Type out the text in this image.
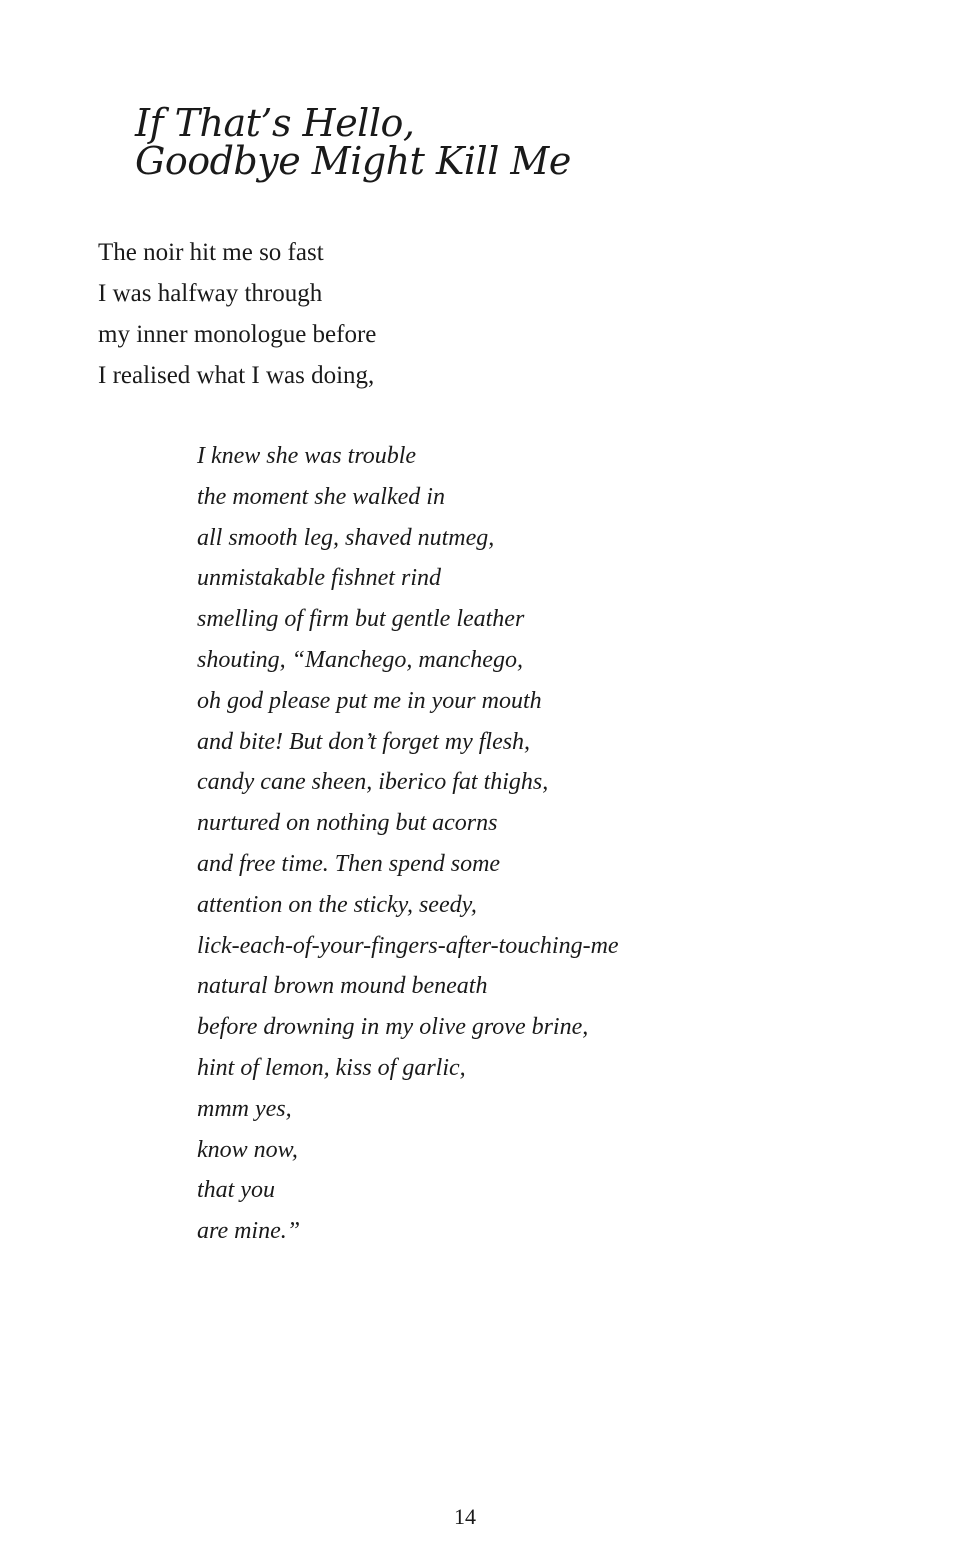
If That’s Hello,
Goodbye Might Kill Me
The noir hit me so fast
I was halfway through
my inner monologue before
I realised what I was doing,
I knew she was trouble
the moment she walked in
all smooth leg, shaved nutmeg,
unmistakable fishnet rind
smelling of firm but gentle leather
shouting, “Manchego, manchego,
oh god please put me in your mouth
and bite! But don’t forget my flesh,
candy cane sheen, iberico fat thighs,
nurtured on nothing but acorns
and free time. Then spend some
attention on the sticky, seedy,
lick-each-of-your-fingers-after-touching-me
natural brown mound beneath
before drowning in my olive grove brine,
hint of lemon, kiss of garlic,
mmm yes,
know now,
that you
are mine.”
14
